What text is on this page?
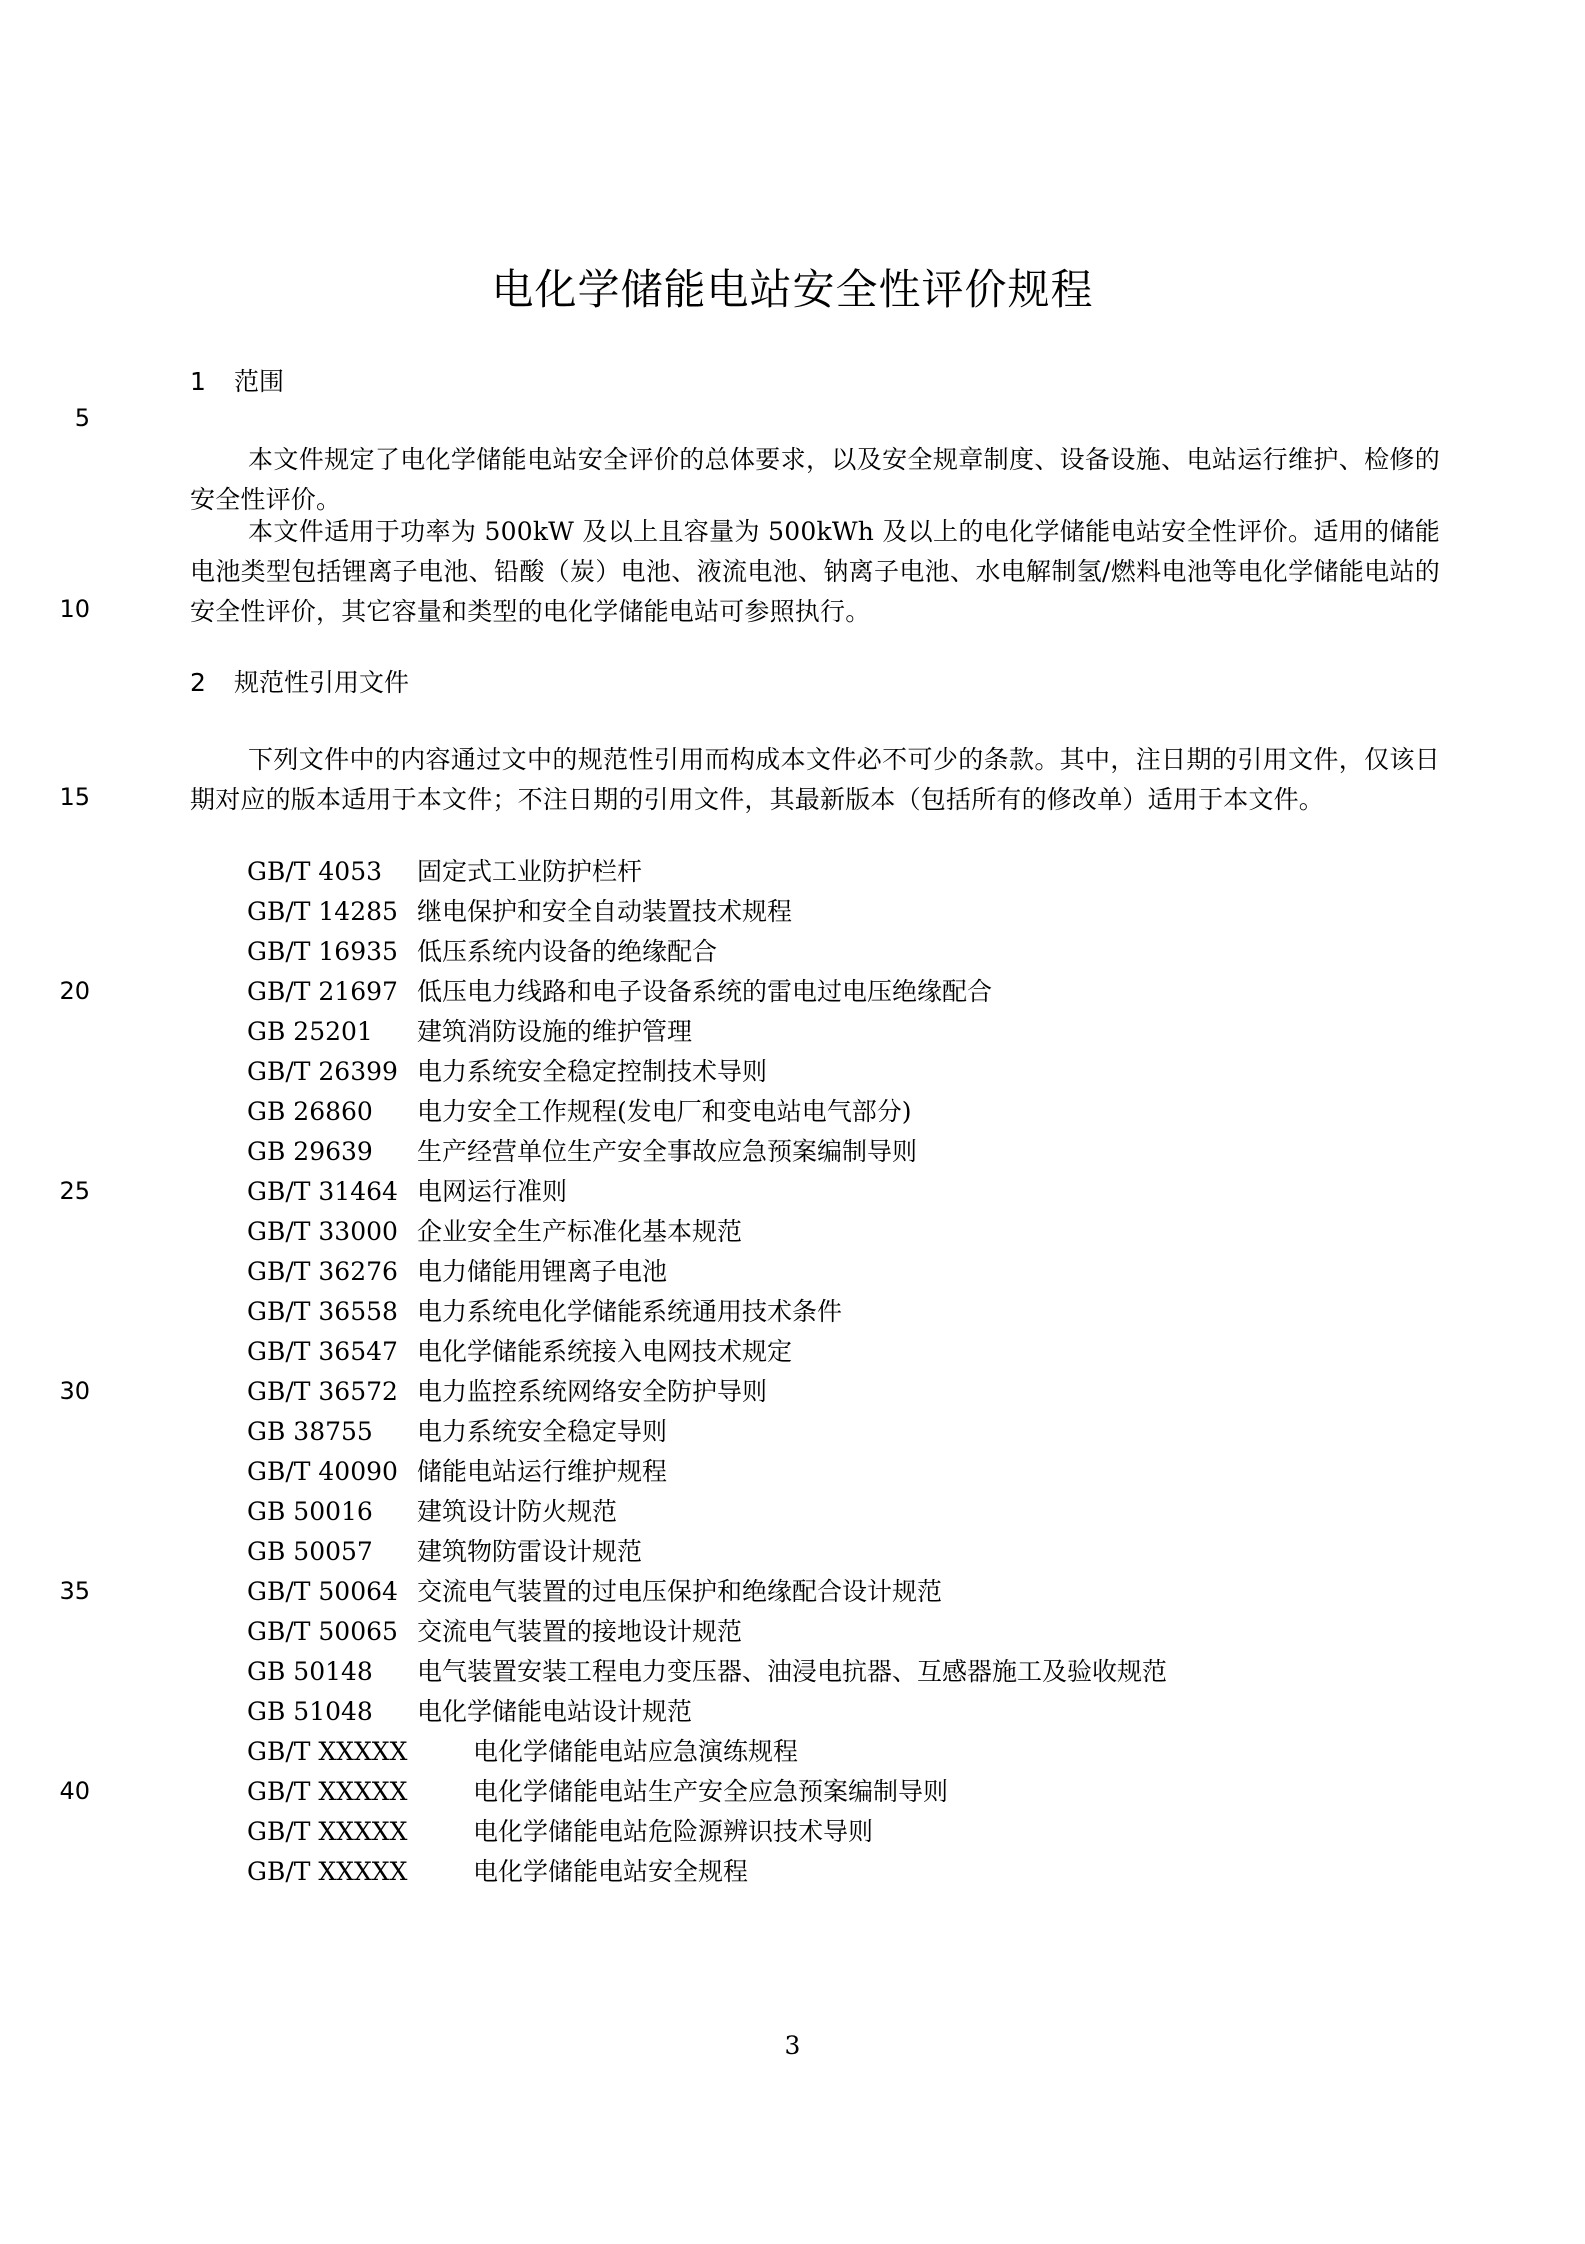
电化学储能电站安全性评价规程
1 范围
本文件规定了电化学储能电站安全评价的总体要求，以及安全规章制度、设备设施、电站运行维护、检修的安全性评价。
本文件适用于功率为 500kW 及以上且容量为 500kWh 及以上的电化学储能电站安全性评价。适用的储能电池类型包括锂离子电池、铅酸（炭）电池、液流电池、钠离子电池、水电解制氢/燃料电池等电化学储能电站的安全性评价，其它容量和类型的电化学储能电站可参照执行。
2 规范性引用文件
下列文件中的内容通过文中的规范性引用而构成本文件必不可少的条款。其中，注日期的引用文件，仅该日期对应的版本适用于本文件；不注日期的引用文件，其最新版本（包括所有的修改单）适用于本文件。
GB/T 4053 固定式工业防护栏杆
GB/T 14285 继电保护和安全自动装置技术规程
GB/T 16935 低压系统内设备的绝缘配合
GB/T 21697 低压电力线路和电子设备系统的雷电过电压绝缘配合
GB 25201 建筑消防设施的维护管理
GB/T 26399 电力系统安全稳定控制技术导则
GB 26860 电力安全工作规程(发电厂和变电站电气部分)
GB 29639 生产经营单位生产安全事故应急预案编制导则
GB/T 31464 电网运行准则
GB/T 33000 企业安全生产标准化基本规范
GB/T 36276 电力储能用锂离子电池
GB/T 36558 电力系统电化学储能系统通用技术条件
GB/T 36547 电化学储能系统接入电网技术规定
GB/T 36572 电力监控系统网络安全防护导则
GB 38755 电力系统安全稳定导则
GB/T 40090 储能电站运行维护规程
GB 50016 建筑设计防火规范
GB 50057 建筑物防雷设计规范
GB/T 50064 交流电气装置的过电压保护和绝缘配合设计规范
GB/T 50065 交流电气装置的接地设计规范
GB 50148 电气装置安装工程电力变压器、油浸电抗器、互感器施工及验收规范
GB 51048 电化学储能电站设计规范
GB/T XXXXX	电化学储能电站应急演练规程
GB/T XXXXX	电化学储能电站生产安全应急预案编制导则
GB/T XXXXX	电化学储能电站危险源辨识技术导则
GB/T XXXXX	电化学储能电站安全规程
5
10
15
20
25
30
35
40
3
